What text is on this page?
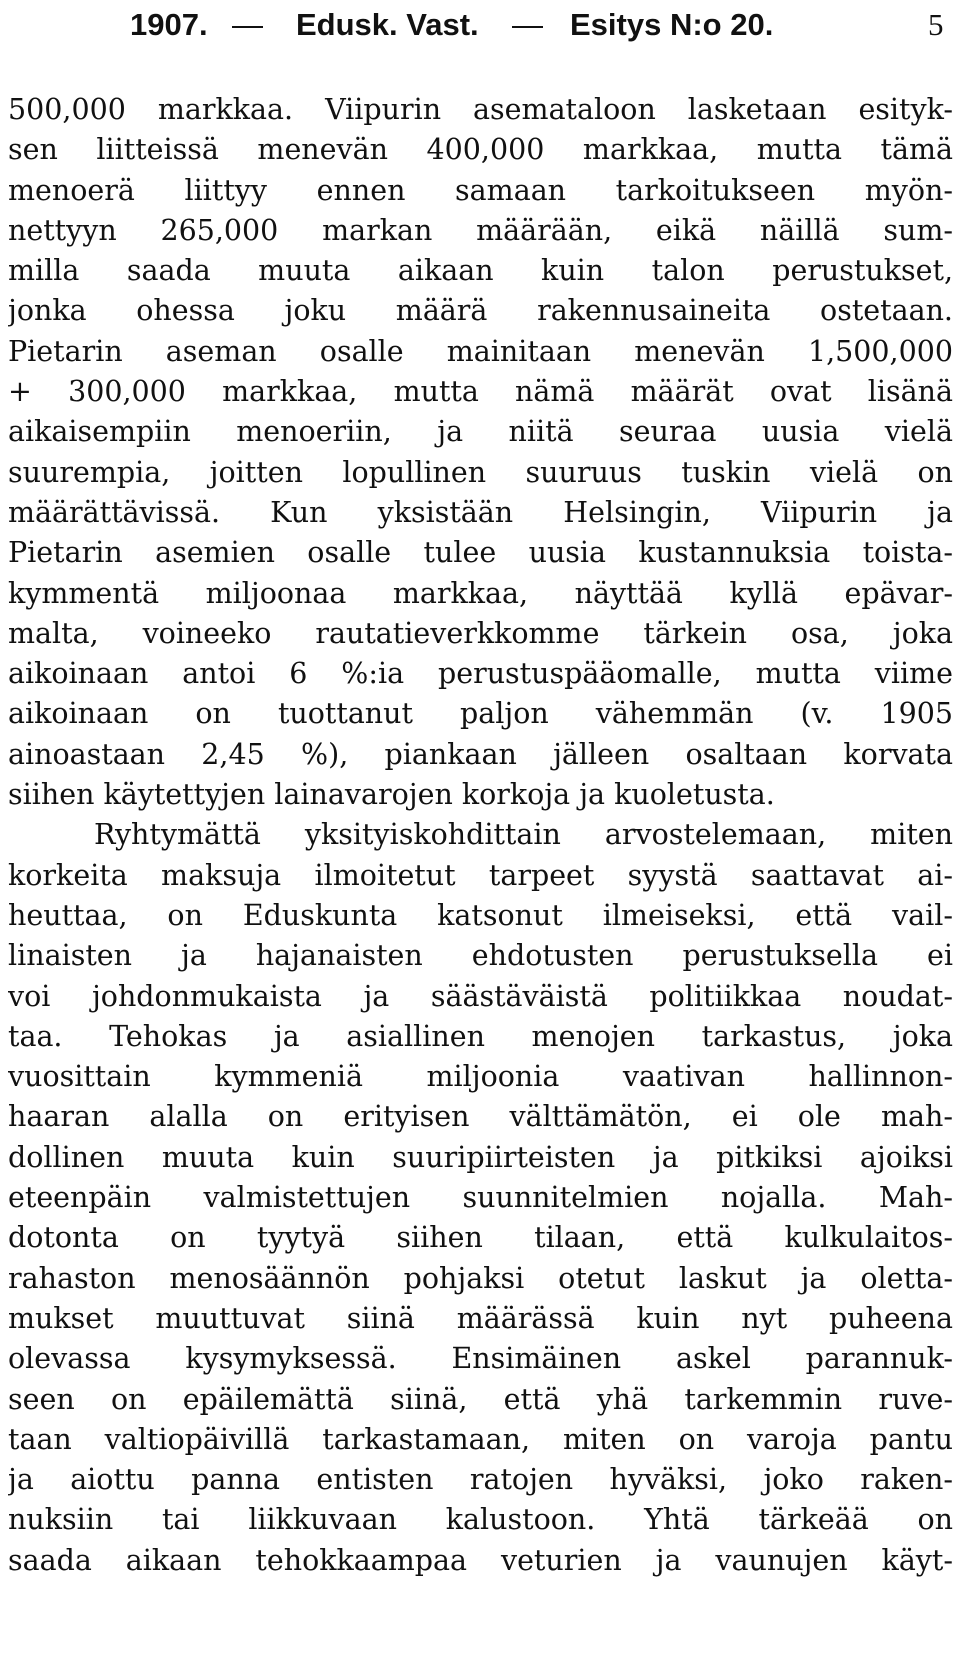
1907. — Edusk. Vast. — Esitys N:o 20.	5
500,000 markkaa. Viipurin asemataloon lasketaan esityk-
sen liitteissä menevän 400,000 markkaa, mutta tämä
menoerä liittyy ennen samaan tarkoitukseen myön-
nettyyn 265,000 markan määrään, eikä näillä sum-
milla saada muuta aikaan kuin talon perustukset,
jonka ohessa joku määrä rakennusaineita ostetaan.
Pietarin aseman osalle mainitaan menevän 1,500,000
+ 300,000 markkaa, mutta nämä määrät ovat lisänä
aikaisempiin menoeriin, ja niitä seuraa uusia vielä
suurempia, joitten lopullinen suuruus tuskin vielä on
määrättävissä. Kun yksistään Helsingin, Viipurin ja
Pietarin asemien osalle tulee uusia kustannuksia toista-
kymmentä miljoonaa markkaa, näyttää kyllä epävar-
malta, voineeko rautatieverkkomme tärkein osa, joka
aikoinaan antoi 6 %:ia perustuspääomalle, mutta viime
aikoinaan on tuottanut paljon vähemmän (v. 1905
ainoastaan 2,45 %), piankaan jälleen osaltaan korvata
siihen käytettyjen lainavarojen korkoja ja kuoletusta.
Ryhtymättä yksityiskohdittain arvostelemaan, miten
korkeita maksuja ilmoitetut tarpeet syystä saattavat ai-
heuttaa, on Eduskunta katsonut ilmeiseksi, että vail-
linaisten ja hajanaisten ehdotusten perustuksella ei
voi johdonmukaista ja säästäväistä politiikkaa noudat-
taa. Tehokas ja asiallinen menojen tarkastus, joka
vuosittain kymmeniä miljoonia vaativan hallinnon-
haaran alalla on erityisen välttämätön, ei ole mah-
dollinen muuta kuin suuripiirteisten ja pitkiksi ajoiksi
eteenpäin valmistettujen suunnitelmien nojalla. Mah-
dotonta on tyytyä siihen tilaan, että kulkulaitos-
rahaston menosäännön pohjaksi otetut laskut ja oletta-
mukset muuttuvat siinä määrässä kuin nyt puheena
olevassa kysymyksessä. Ensimäinen askel parannuk-
seen on epäilemättä siinä, että yhä tarkemmin ruve-
taan valtiopäivillä tarkastamaan, miten on varoja pantu
ja aiottu panna entisten ratojen hyväksi, joko raken-
nuksiin tai liikkuvaan kalustoon. Yhtä tärkeää on
saada aikaan tehokkaampaa veturien ja vaunujen käyt-
